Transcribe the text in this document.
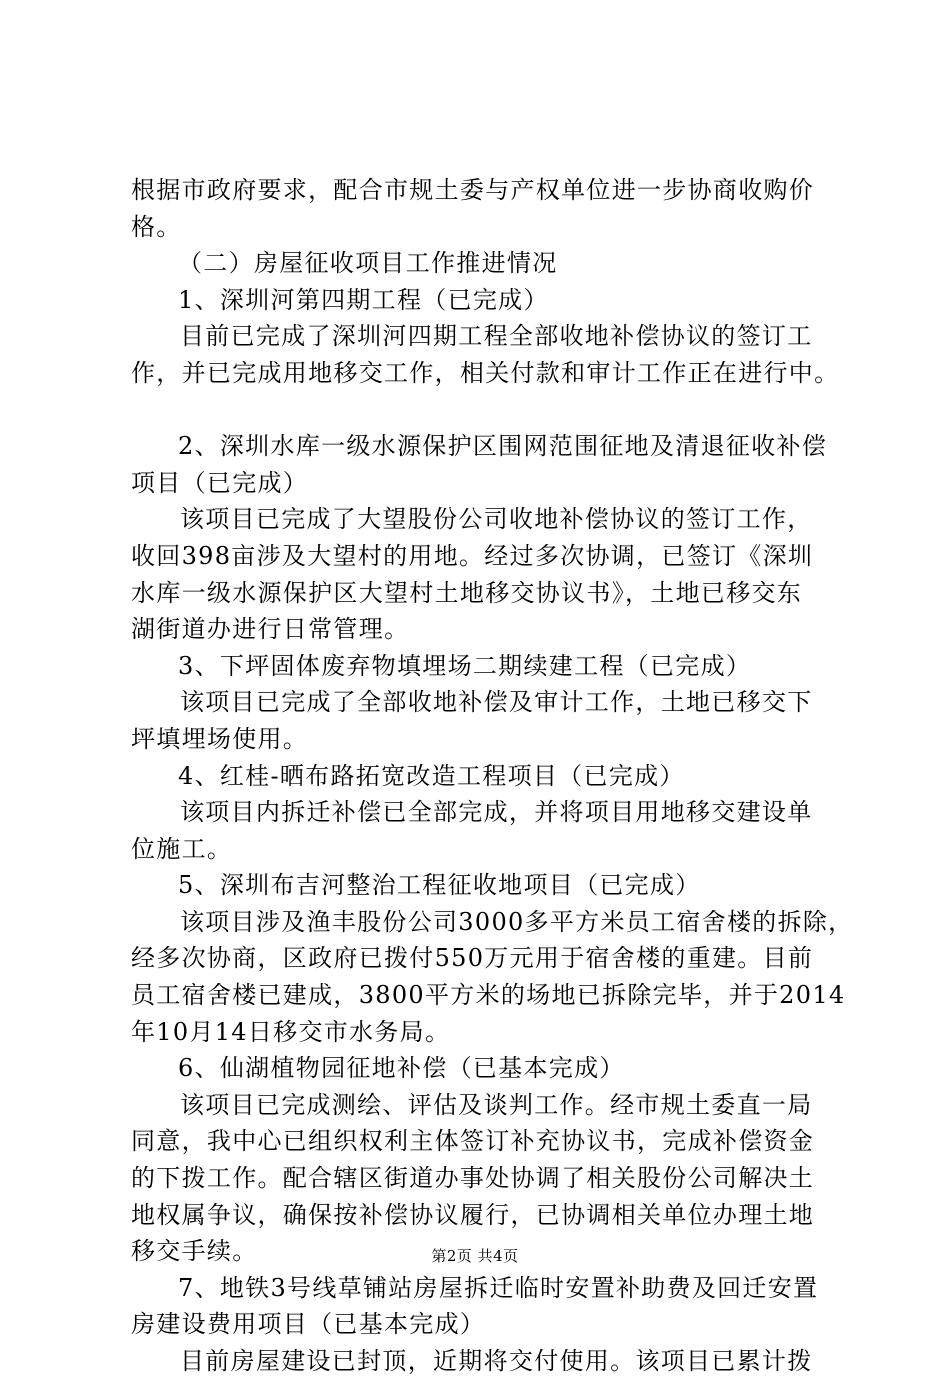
根据市政府要求，配合市规土委与产权单位进一步协商收购价
格。
（二）房屋征收项目工作推进情况
1、深圳河第四期工程（已完成）
目前已完成了深圳河四期工程全部收地补偿协议的签订工
作，并已完成用地移交工作，相关付款和审计工作正在进行中。
2、深圳水库一级水源保护区围网范围征地及清退征收补偿
项目（已完成）
该项目已完成了大望股份公司收地补偿协议的签订工作，
收回398亩涉及大望村的用地。经过多次协调，已签订《深圳
水库一级水源保护区大望村土地移交协议书》，土地已移交东
湖街道办进行日常管理。
3、下坪固体废弃物填埋场二期续建工程（已完成）
该项目已完成了全部收地补偿及审计工作，土地已移交下
坪填埋场使用。
4、红桂-晒布路拓宽改造工程项目（已完成）
该项目内拆迁补偿已全部完成，并将项目用地移交建设单
位施工。
5、深圳布吉河整治工程征收地项目（已完成）
该项目涉及渔丰股份公司3000多平方米员工宿舍楼的拆除，
经多次协商，区政府已拨付550万元用于宿舍楼的重建。目前
员工宿舍楼已建成，3800平方米的场地已拆除完毕，并于2014
年10月14日移交市水务局。
6、仙湖植物园征地补偿（已基本完成）
该项目已完成测绘、评估及谈判工作。经市规土委直一局
同意，我中心已组织权利主体签订补充协议书，完成补偿资金
的下拨工作。配合辖区街道办事处协调了相关股份公司解决土
地权属争议，确保按补偿协议履行，已协调相关单位办理土地
移交手续。
7、地铁3号线草铺站房屋拆迁临时安置补助费及回迁安置
房建设费用项目（已基本完成）
目前房屋建设已封顶，近期将交付使用。该项目已累计拨
第2页 共4页
